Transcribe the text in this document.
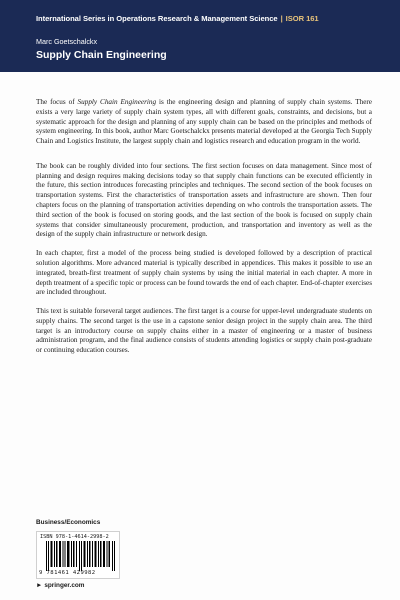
International Series in Operations Research & Management Science | ISOR 161
Marc Goetschalckx
Supply Chain Engineering

The focus of Supply Chain Engineering is the engineering design and planning of supply chain systems. There exists a very large variety of supply chain system types, all with different goals, constraints, and decisions, but a systematic approach for the design and planning of any supply chain can be based on the principles and methods of system engineering. In this book, author Marc Goetschalckx presents material developed at the Georgia Tech Supply Chain and Logistics Institute, the largest supply chain and logistics research and education program in the world.

The book can be roughly divided into four sections. The first section focuses on data management. Since most of planning and design requires making decisions today so that supply chain functions can be executed efficiently in the future, this section introduces forecasting principles and techniques. The second section of the book focuses on transportation systems. First the characteristics of transportation assets and infrastructure are shown. Then four chapters focus on the planning of transportation activities depending on who controls the transportation assets. The third section of the book is focused on storing goods, and the last section of the book is focused on supply chain systems that consider simultaneously procurement, production, and transportation and inventory as well as the design of the supply chain infrastructure or network design.

In each chapter, first a model of the process being studied is developed followed by a description of practical solution algorithms. More advanced material is typically described in appendices. This makes it possible to use an integrated, breath-first treatment of supply chain systems by using the initial material in each chapter. A more in depth treatment of a specific topic or process can be found towards the end of each chapter. End-of-chapter exercises are included throughout.

This text is suitable forseveral target audiences. The first target is a course for upper-level undergraduate students on supply chains. The second target is the use in a capstone senior design project in the supply chain area. The third target is an introductory course on supply chains either in a master of engineering or a master of business administration program, and the final audience consists of students attending logistics or supply chain post-graduate or continuing education courses.

Business/Economics
ISBN 978-1-4614-2998-2
9 781461 429982
► springer.com
